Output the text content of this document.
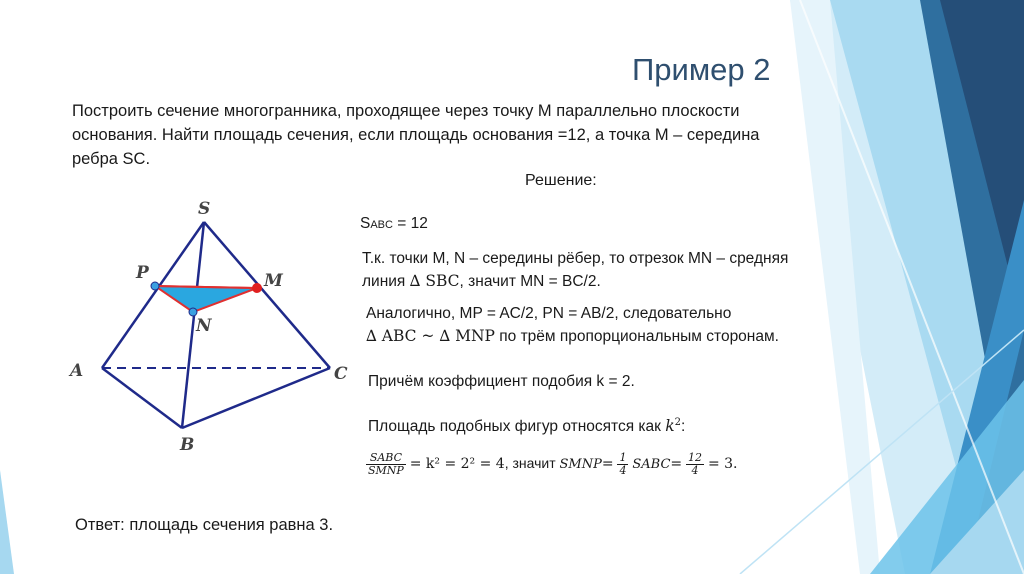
Пример 2
Построить сечение многогранника, проходящее через точку М параллельно плоскости основания. Найти площадь сечения, если площадь основания =12, а точка М – середина ребра SC.
Решение:
S
P	M
N
A	C
B
SABC = 12
Т.к. точки M, N – середины рёбер, то отрезок MN – средняя
линия ∆ SBC, значит MN = BC/2.
Аналогично, MP = AC/2, PN = AB/2, следовательно
∆ ABC ~ ∆ MNP по трём пропорциональным сторонам.
Причём коэффициент подобия k = 2.
Площадь подобных фигур относятся как $k^2$:
$\frac{\text{SABC}}{\text{SMNP}} = k^2 = 2^2 = 4$, значит SMNP= $\frac{1}{4}$ SABC= $\frac{12}{4} = 3$.
Ответ: площадь сечения равна 3.
